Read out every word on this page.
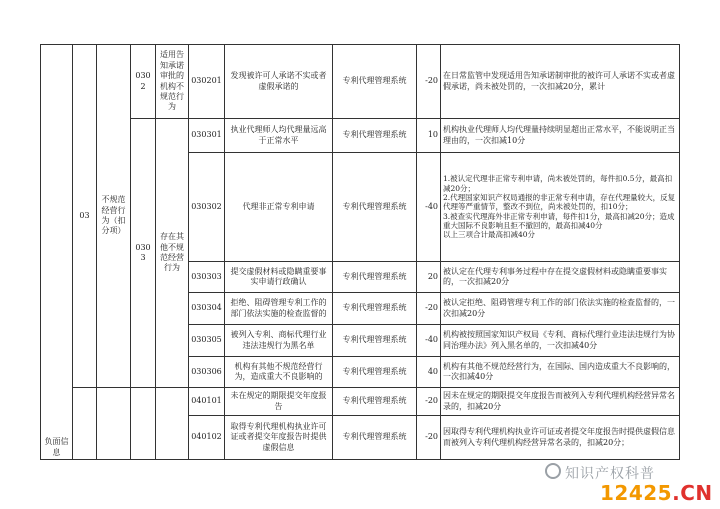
负面信息	03	不规范经营行为（扣分项）	0302	适用告知承诺审批的机构不规范行为	030201	发现被许可人承诺不实或者虚假承诺的	专利代理管理系统	-20	在日常监管中发现适用告知承诺制审批的被许可人承诺不实或者虚假承诺，尚未被处罚的，一次扣减20分，累计
			0303	存在其他不规范经营行为	030301	执业代理师人均代理量远高于正常水平	专利代理管理系统	10	机构执业代理师人均代理量持续明显超出正常水平，不能说明正当理由的，一次扣减10分
					030302	代理非正常专利申请	专利代理管理系统	-40	1.被认定代理非正常专利申请，尚未被处罚的，每件扣0.5分，最高扣减20分；
2.代理国家知识产权局通报的非正常专利申请，存在代理量较大，反复代理等严重情节，整改不到位，尚未被处罚的，扣10分；
3.被查实代理海外非正常专利申请，每件扣1分，最高扣减20分；造成重大国际不良影响且拒不撤回的，最高扣减40分
以上三项合计最高扣减40分

					030303	提交虚假材料或隐瞒重要事实申请行政确认	专利代理管理系统	20	被认定在代理专利事务过程中存在提交虚假材料或隐瞒重要事实的，一次扣减20分
					030304	拒绝、阻碍管理专利工作的部门依法实施的检查监督的	专利代理管理系统	-20	被认定拒绝、阻碍管理专利工作的部门依法实施的检查监督的，一次扣减20分
					030305	被列入专利、商标代理行业违法违规行为黑名单	专利代理管理系统	-40	机构被按照国家知识产权局《专利、商标代理行业违法违规行为协同治理办法》列入黑名单的，一次扣减40分
					030306	机构有其他不规范经营行为，造成重大不良影响的	专利代理管理系统	40	机构有其他不规范经营行为，在国际、国内造成重大不良影响的，一次扣减40分
					040101	未在规定的期限提交年度报告	专利代理管理系统	-20	因未在规定的期限提交年度报告而被列入专利代理机构经营异常名录的，扣减20分
					040102	取得专利代理机构执业许可证或者提交年度报告时提供虚假信息	专利代理管理系统	-20	因取得专利代理机构执业许可证或者提交年度报告时提供虚假信息而被列入专利代理机构经营异常名录的，扣减20分；
知识产权科普
12425.CN
